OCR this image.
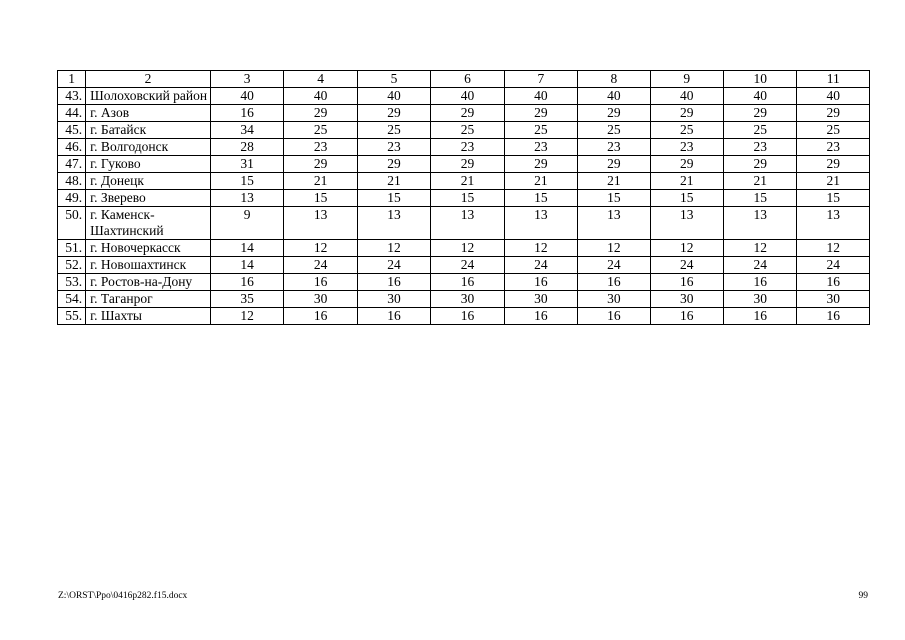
1	2	3	4	5	6	7	8	9	10	11
43.	Шолоховский район	40	40	40	40	40	40	40	40	40
44.	г. Азов	16	29	29	29	29	29	29	29	29
45.	г. Батайск	34	25	25	25	25	25	25	25	25
46.	г. Волгодонск	28	23	23	23	23	23	23	23	23
47.	г. Гуково	31	29	29	29	29	29	29	29	29
48.	г. Донецк	15	21	21	21	21	21	21	21	21
49.	г. Зверево	13	15	15	15	15	15	15	15	15
50.	г. Каменск-Шахтинский	9	13	13	13	13	13	13	13	13
51.	г. Новочеркасск	14	12	12	12	12	12	12	12	12
52.	г. Новошахтинск	14	24	24	24	24	24	24	24	24
53.	г. Ростов-на-Дону	16	16	16	16	16	16	16	16	16
54.	г. Таганрог	35	30	30	30	30	30	30	30	30
55.	г. Шахты	12	16	16	16	16	16	16	16	16
Z:\ORST\Ppo\0416p282.f15.docx	99
